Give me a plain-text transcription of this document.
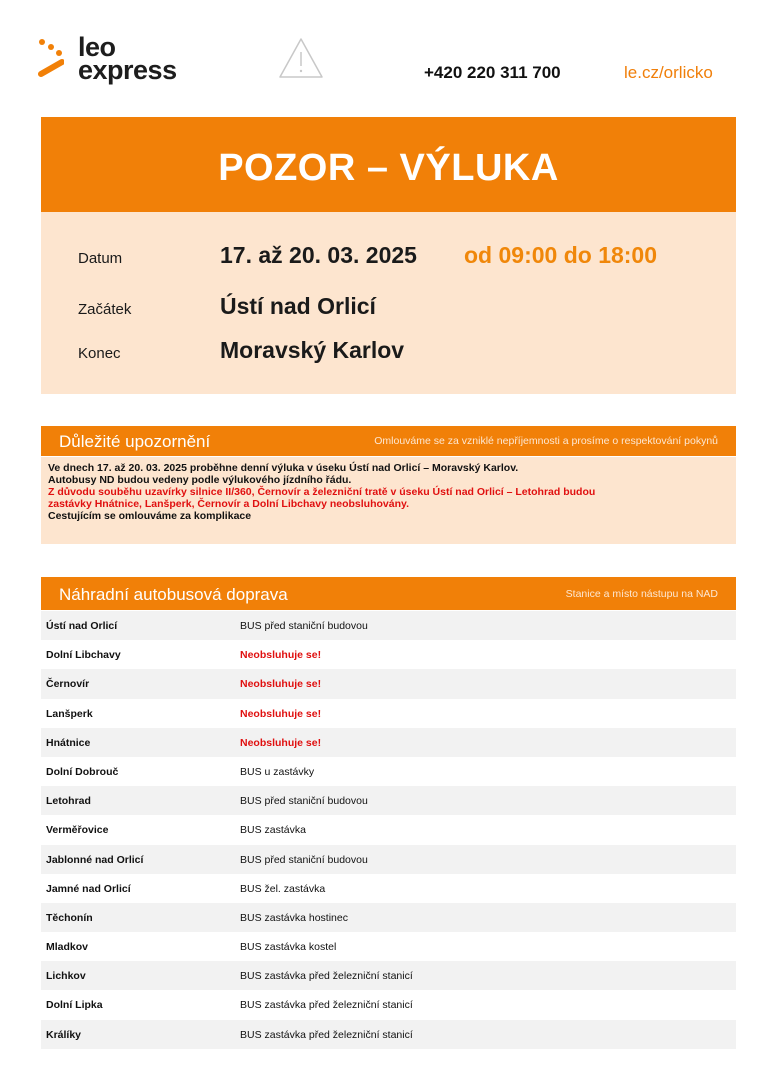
leo
express	+420 220 311 700	le.cz/orlicko
POZOR – VÝLUKA
Datum	17. až 20. 03. 2025 od 09:00 do 18:00
Začátek	Ústí nad Orlicí
Konec	Moravský Karlov
Důležité upozornění	Omlouváme se za vzniklé nepříjemnosti a prosíme o respektování pokynů

Ve dnech 17. až 20. 03. 2025 proběhne denní výluka v úseku Ústí nad Orlicí – Moravský Karlov.

Autobusy ND budou vedeny podle výlukového jízdního řádu.

Z důvodu souběhu uzavírky silnice II/360, Černovír a železniční tratě v úseku Ústí nad Orlicí – Letohrad budou

zastávky Hnátnice, Lanšperk, Černovír a Dolní Libchavy neobsluhovány.

Cestujícím se omlouváme za komplikace

Náhradní autobusová doprava	Stanice a místo nástupu na NAD
Ústí nad Orlicí	BUS před staniční budovou
Dolní Libchavy	Neobsluhuje se!
Černovír	Neobsluhuje se!
Lanšperk	Neobsluhuje se!
Hnátnice	Neobsluhuje se!
Dolní Dobrouč	BUS u zastávky
Letohrad	BUS před staniční budovou
Verměřovice	BUS zastávka
Jablonné nad Orlicí	BUS před staniční budovou
Jamné nad Orlicí	BUS žel. zastávka
Těchonín	BUS zastávka hostinec
Mladkov	BUS zastávka kostel
Lichkov	BUS zastávka před železniční stanicí
Dolní Lipka	BUS zastávka před železniční stanicí
Králíky	BUS zastávka před železniční stanicí
